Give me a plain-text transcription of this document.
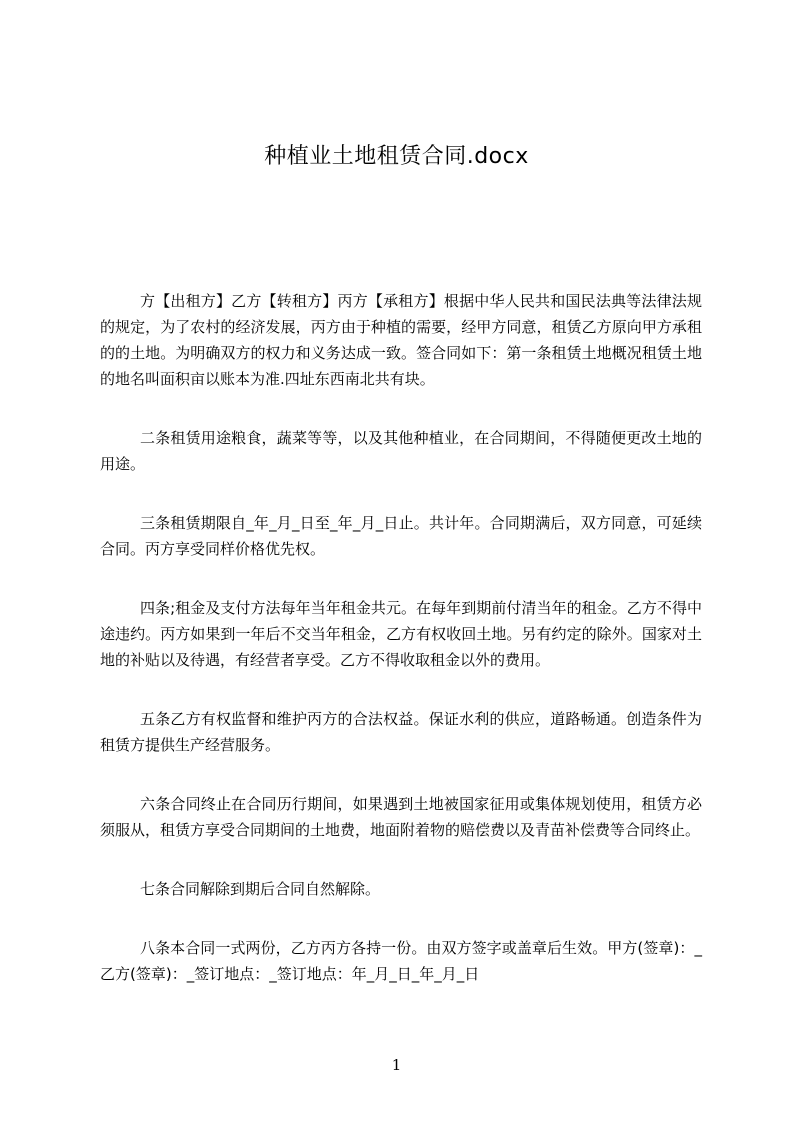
种植业土地租赁合同.docx

方【出租方】乙方【转租方】丙方【承租方】根据中华人民共和国民法典等法律法规的规定，为了农村的经济发展，丙方由于种植的需要，经甲方同意，租赁乙方原向甲方承租的的土地。为明确双方的权力和义务达成一致。签合同如下：第一条租赁土地概况租赁土地的地名叫面积亩以账本为准.四址东西南北共有块。

二条租赁用途粮食，蔬菜等等，以及其他种植业，在合同期间，不得随便更改土地的用途。

三条租赁期限自_年_月_日至_年_月_日止。共计年。合同期满后，双方同意，可延续合同。丙方享受同样价格优先权。

四条;租金及支付方法每年当年租金共元。在每年到期前付清当年的租金。乙方不得中途违约。丙方如果到一年后不交当年租金，乙方有权收回土地。另有约定的除外。国家对土地的补贴以及待遇，有经营者享受。乙方不得收取租金以外的费用。

五条乙方有权监督和维护丙方的合法权益。保证水利的供应，道路畅通。创造条件为租赁方提供生产经营服务。

六条合同终止在合同历行期间，如果遇到土地被国家征用或集体规划使用，租赁方必须服从，租赁方享受合同期间的土地费，地面附着物的赔偿费以及青苗补偿费等合同终止。

七条合同解除到期后合同自然解除。

八条本合同一式两份，乙方丙方各持一份。由双方签字或盖章后生效。甲方(签章)：_乙方(签章)：_签订地点：_签订地点：年_月_日_年_月_日

1
